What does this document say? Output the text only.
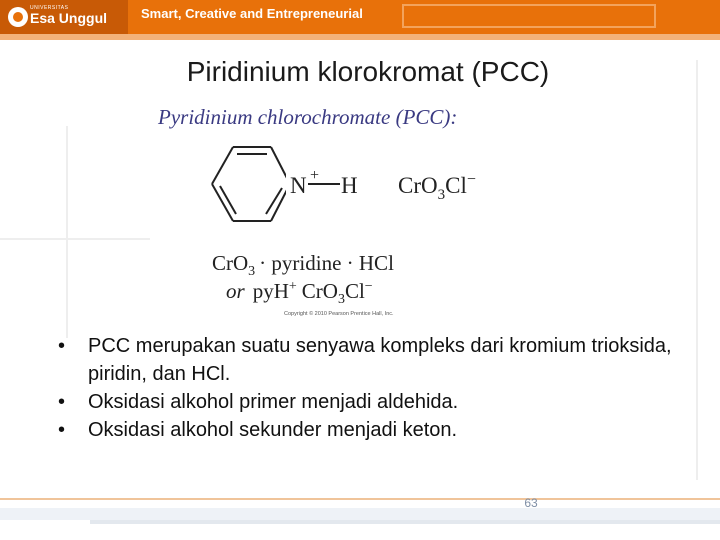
UNIVERSITAS
Esa Unggul	Smart, Creative and Entrepreneurial
Piridinium klorokromat (PCC)
Pyridinium chlorochromate (PCC):
N + H CrO$_3$Cl−
CrO$_3$ · pyridine · HCl
or pyH+ CrO$_3$Cl−
Copyright © 2010 Pearson Prentice Hall, Inc.
• PCC merupakan suatu senyawa kompleks dari kromium trioksida, piridin, dan HCl.
• Oksidasi alkohol primer menjadi aldehida.
• Oksidasi alkohol sekunder menjadi keton.
63
